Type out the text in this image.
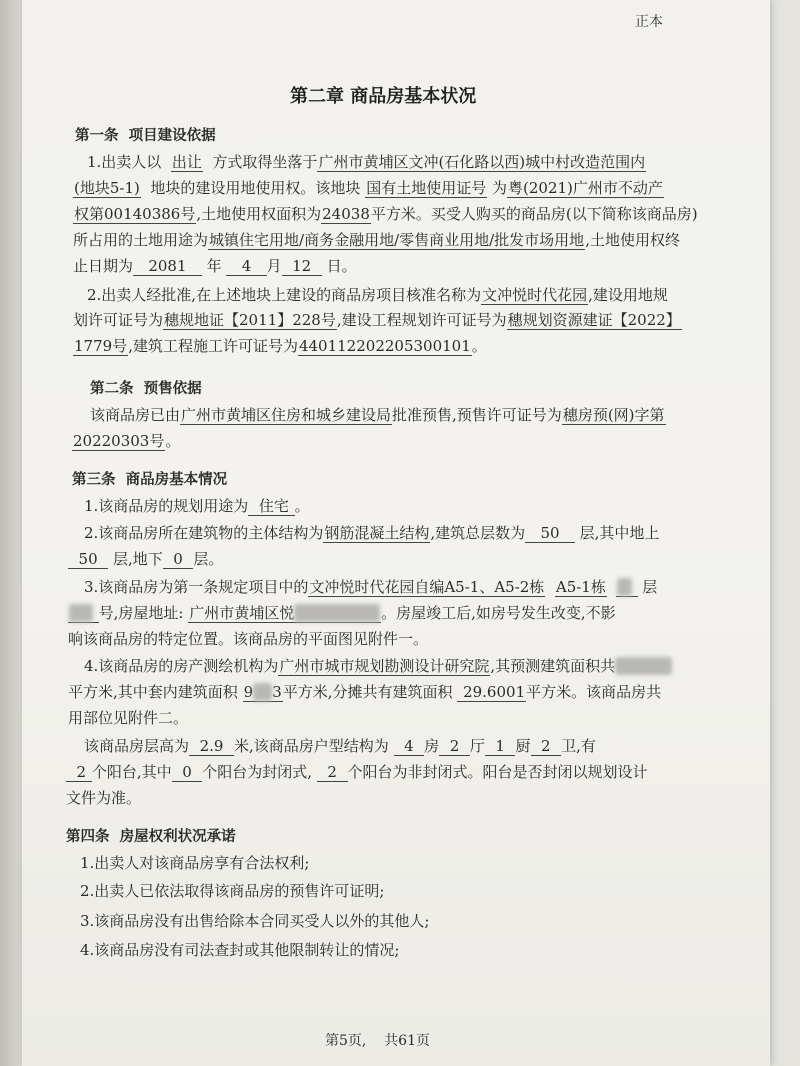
正本
第二章 商品房基本状况
第一条 项目建设依据
1.出卖人以 出让 方式取得坐落于广州市黄埔区文冲(石化路以西)城中村改造范围内
(地块5-1) 地块的建设用地使用权。该地块 国有土地使用证号 为粤(2021)广州市不动产
权第00140386号,土地使用权面积为24038平方米。买受人购买的商品房(以下简称该商品房)
所占用的土地用途为城镇住宅用地/商务金融用地/零售商业用地/批发市场用地,土地使用权终
止日期为 2081 年 4 月 12 日。
2.出卖人经批准,在上述地块上建设的商品房项目核准名称为文冲悦时代花园,建设用地规
划许可证号为穗规地证【2011】228号,建设工程规划许可证号为穗规划资源建证【2022】
1779号,建筑工程施工许可证号为440112202205300101。
第二条 预售依据
该商品房已由广州市黄埔区住房和城乡建设局批准预售,预售许可证号为穗房预(网)字第
20220303号。
第三条 商品房基本情况
1.该商品房的规划用途为 住宅 。
2.该商品房所在建筑物的主体结构为钢筋混凝土结构,建筑总层数为 50 层,其中地上
50 层,地下 0 层。
3.该商品房为第一条规定项目中的文冲悦时代花园自编A5-1、A5-2栋 A5-1栋 层
号,房屋地址: 广州市黄埔区悦	。房屋竣工后,如房号发生改变,不影
响该商品房的特定位置。该商品房的平面图见附件一。
4.该商品房的房产测绘机构为广州市城市规划勘测设计研究院,其预测建筑面积共
平方米,其中套内建筑面积 9 3平方米,分摊共有建筑面积 29.6001平方米。该商品房共
用部位见附件二。
该商品房层高为 2.9 米,该商品房户型结构为 4 房 2 厅 1 厨 2 卫,有
2 个阳台,其中 0 个阳台为封闭式, 2 个阳台为非封闭式。阳台是否封闭以规划设计
文件为准。
第四条 房屋权利状况承诺
1.出卖人对该商品房享有合法权利;
2.出卖人已依法取得该商品房的预售许可证明;
3.该商品房没有出售给除本合同买受人以外的其他人;
4.该商品房没有司法查封或其他限制转让的情况;
第5页, 共61页
